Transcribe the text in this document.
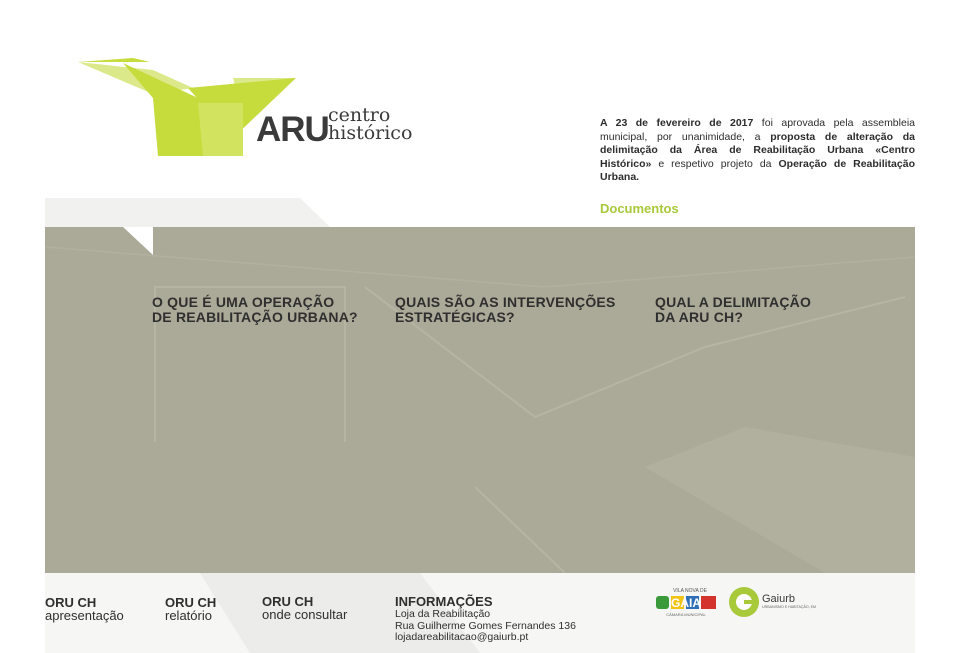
ARU centro
histórico	A 23 de fevereiro de 2017 foi aprovada pela assembleia municipal, por unanimidade, a proposta de alteração da delimitação da Área de Reabilitação Urbana «Centro Histórico» e respetivo projeto da Operação de Reabilitação Urbana.
Documentos
O QUE É UMA OPERAÇÃO
DE REABILITAÇÃO URBANA?
QUAIS SÃO AS INTERVENÇÕES
ESTRATÉGICAS?
QUAL A DELIMITAÇÃO
DA ARU CH?
ORU CH
apresentação
ORU CH
relatório
ORU CH
onde consultar
INFORMAÇÕES
Loja da Reabilitação
Rua Guilherme Gomes Fernandes 136
lojadareabilitacao@gaiurb.pt
VILA NOVA DE
GAIA
CÂMARA MUNICIPAL
Gaiurb
URBANISMO E HABITAÇÃO, EM
